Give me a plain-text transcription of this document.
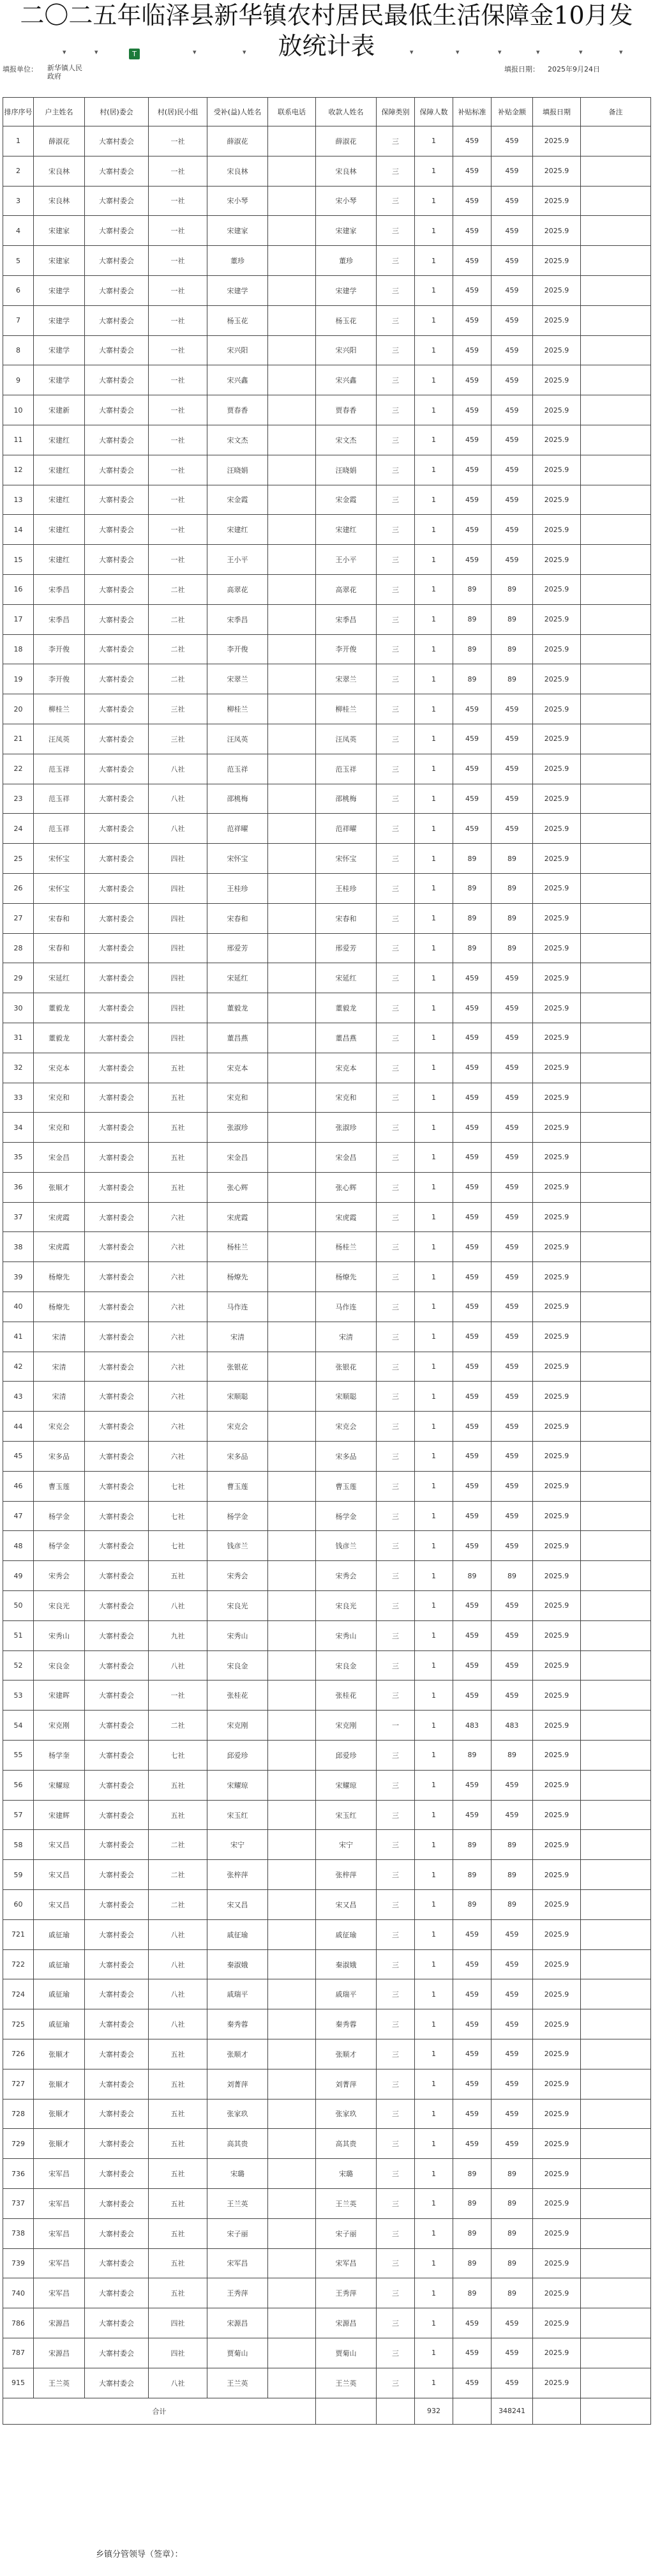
二〇二五年临泽县新华镇农村居民最低生活保障金10月发
放统计表
▾
▾
T
▾
▾
▾
▾
▾
▾
▾
▾
▾
▾
▾
填报单位： 新华镇人民政府
填报日期： 2025年9月24日
排序序号	户主姓名	村(居)委会	村(居)民小组	受补(益)人姓名	联系电话	收款人姓名	保障类别	保障人数	补贴标准	补贴金额	填报日期	备注
1	薛淑花	大寨村委会	一社	薛淑花		薛淑花	三	1	459	459	2025.9	
2	宋良林	大寨村委会	一社	宋良林		宋良林	三	1	459	459	2025.9	
3	宋良林	大寨村委会	一社	宋小琴		宋小琴	三	1	459	459	2025.9	
4	宋建家	大寨村委会	一社	宋建家		宋建家	三	1	459	459	2025.9	
5	宋建家	大寨村委会	一社	董珍		董珍	三	1	459	459	2025.9	
6	宋建学	大寨村委会	一社	宋建学		宋建学	三	1	459	459	2025.9	
7	宋建学	大寨村委会	一社	杨玉花		杨玉花	三	1	459	459	2025.9	
8	宋建学	大寨村委会	一社	宋兴阳		宋兴阳	三	1	459	459	2025.9	
9	宋建学	大寨村委会	一社	宋兴鑫		宋兴鑫	三	1	459	459	2025.9	
10	宋建新	大寨村委会	一社	贾春香		贾春香	三	1	459	459	2025.9	
11	宋建红	大寨村委会	一社	宋文杰		宋文杰	三	1	459	459	2025.9	
12	宋建红	大寨村委会	一社	汪晓娟		汪晓娟	三	1	459	459	2025.9	
13	宋建红	大寨村委会	一社	宋金霞		宋金霞	三	1	459	459	2025.9	
14	宋建红	大寨村委会	一社	宋建红		宋建红	三	1	459	459	2025.9	
15	宋建红	大寨村委会	一社	王小平		王小平	三	1	459	459	2025.9	
16	宋季昌	大寨村委会	二社	高翠花		高翠花	三	1	89	89	2025.9	
17	宋季昌	大寨村委会	二社	宋季昌		宋季昌	三	1	89	89	2025.9	
18	李开俊	大寨村委会	二社	李开俊		李开俊	三	1	89	89	2025.9	
19	李开俊	大寨村委会	二社	宋翠兰		宋翠兰	三	1	89	89	2025.9	
20	柳桂兰	大寨村委会	三社	柳桂兰		柳桂兰	三	1	459	459	2025.9	
21	汪凤英	大寨村委会	三社	汪凤英		汪凤英	三	1	459	459	2025.9	
22	范玉祥	大寨村委会	八社	范玉祥		范玉祥	三	1	459	459	2025.9	
23	范玉祥	大寨村委会	八社	邵桃梅		邵桃梅	三	1	459	459	2025.9	
24	范玉祥	大寨村委会	八社	范祥曜		范祥曜	三	1	459	459	2025.9	
25	宋怀宝	大寨村委会	四社	宋怀宝		宋怀宝	三	1	89	89	2025.9	
26	宋怀宝	大寨村委会	四社	王桂珍		王桂珍	三	1	89	89	2025.9	
27	宋春和	大寨村委会	四社	宋春和		宋春和	三	1	89	89	2025.9	
28	宋春和	大寨村委会	四社	邢爱芳		邢爱芳	三	1	89	89	2025.9	
29	宋延红	大寨村委会	四社	宋延红		宋延红	三	1	459	459	2025.9	
30	董毅龙	大寨村委会	四社	董毅龙		董毅龙	三	1	459	459	2025.9	
31	董毅龙	大寨村委会	四社	董昌燕		董昌燕	三	1	459	459	2025.9	
32	宋克本	大寨村委会	五社	宋克本		宋克本	三	1	459	459	2025.9	
33	宋克和	大寨村委会	五社	宋克和		宋克和	三	1	459	459	2025.9	
34	宋克和	大寨村委会	五社	张淑珍		张淑珍	三	1	459	459	2025.9	
35	宋金昌	大寨村委会	五社	宋金昌		宋金昌	三	1	459	459	2025.9	
36	张顺才	大寨村委会	五社	张心辉		张心辉	三	1	459	459	2025.9	
37	宋虎霞	大寨村委会	六社	宋虎霞		宋虎霞	三	1	459	459	2025.9	
38	宋虎霞	大寨村委会	六社	杨桂兰		杨桂兰	三	1	459	459	2025.9	
39	杨燎先	大寨村委会	六社	杨燎先		杨燎先	三	1	459	459	2025.9	
40	杨燎先	大寨村委会	六社	马作连		马作连	三	1	459	459	2025.9	
41	宋清	大寨村委会	六社	宋清		宋清	三	1	459	459	2025.9	
42	宋清	大寨村委会	六社	张银花		张银花	三	1	459	459	2025.9	
43	宋清	大寨村委会	六社	宋顺聪		宋顺聪	三	1	459	459	2025.9	
44	宋克会	大寨村委会	六社	宋克会		宋克会	三	1	459	459	2025.9	
45	宋多品	大寨村委会	六社	宋多品		宋多品	三	1	459	459	2025.9	
46	曹玉莲	大寨村委会	七社	曹玉莲		曹玉莲	三	1	459	459	2025.9	
47	杨学金	大寨村委会	七社	杨学金		杨学金	三	1	459	459	2025.9	
48	杨学金	大寨村委会	七社	钱彦兰		钱彦兰	三	1	459	459	2025.9	
49	宋秀会	大寨村委会	五社	宋秀会		宋秀会	三	1	89	89	2025.9	
50	宋良光	大寨村委会	八社	宋良光		宋良光	三	1	459	459	2025.9	
51	宋秀山	大寨村委会	九社	宋秀山		宋秀山	三	1	459	459	2025.9	
52	宋良金	大寨村委会	八社	宋良金		宋良金	三	1	459	459	2025.9	
53	宋建晖	大寨村委会	一社	张桂花		张桂花	三	1	459	459	2025.9	
54	宋克刚	大寨村委会	二社	宋克刚		宋克刚	一	1	483	483	2025.9	
55	杨学奎	大寨村委会	七社	邱爱珍		邱爱珍	三	1	89	89	2025.9	
56	宋耀琼	大寨村委会	五社	宋耀琼		宋耀琼	三	1	459	459	2025.9	
57	宋建辉	大寨村委会	五社	宋玉红		宋玉红	三	1	459	459	2025.9	
58	宋又昌	大寨村委会	二社	宋宁		宋宁	三	1	89	89	2025.9	
59	宋又昌	大寨村委会	二社	张梓萍		张梓萍	三	1	89	89	2025.9	
60	宋又昌	大寨村委会	二社	宋又昌		宋又昌	三	1	89	89	2025.9	
721	戚征瑜	大寨村委会	八社	戚征瑜		戚征瑜	三	1	459	459	2025.9	
722	戚征瑜	大寨村委会	八社	秦淑娥		秦淑娥	三	1	459	459	2025.9	
724	戚征瑜	大寨村委会	八社	戚瑞平		戚瑞平	三	1	459	459	2025.9	
725	戚征瑜	大寨村委会	八社	秦秀蓉		秦秀蓉	三	1	459	459	2025.9	
726	张顺才	大寨村委会	五社	张顺才		张顺才	三	1	459	459	2025.9	
727	张顺才	大寨村委会	五社	刘菁萍		刘菁萍	三	1	459	459	2025.9	
728	张顺才	大寨村委会	五社	张家玖		张家玖	三	1	459	459	2025.9	
729	张顺才	大寨村委会	五社	高其贵		高其贵	三	1	459	459	2025.9	
736	宋军昌	大寨村委会	五社	宋璐		宋璐	三	1	89	89	2025.9	
737	宋军昌	大寨村委会	五社	王兰英		王兰英	三	1	89	89	2025.9	
738	宋军昌	大寨村委会	五社	宋子丽		宋子丽	三	1	89	89	2025.9	
739	宋军昌	大寨村委会	五社	宋军昌		宋军昌	三	1	89	89	2025.9	
740	宋军昌	大寨村委会	五社	王秀萍		王秀萍	三	1	89	89	2025.9	
786	宋源昌	大寨村委会	四社	宋源昌		宋源昌	三	1	459	459	2025.9	
787	宋源昌	大寨村委会	四社	贾菊山		贾菊山	三	1	459	459	2025.9	
915	王兰英	大寨村委会	八社	王兰英		王兰英	三	1	459	459	2025.9	
合计								932		348241		
乡镇分管领导（签章）：
